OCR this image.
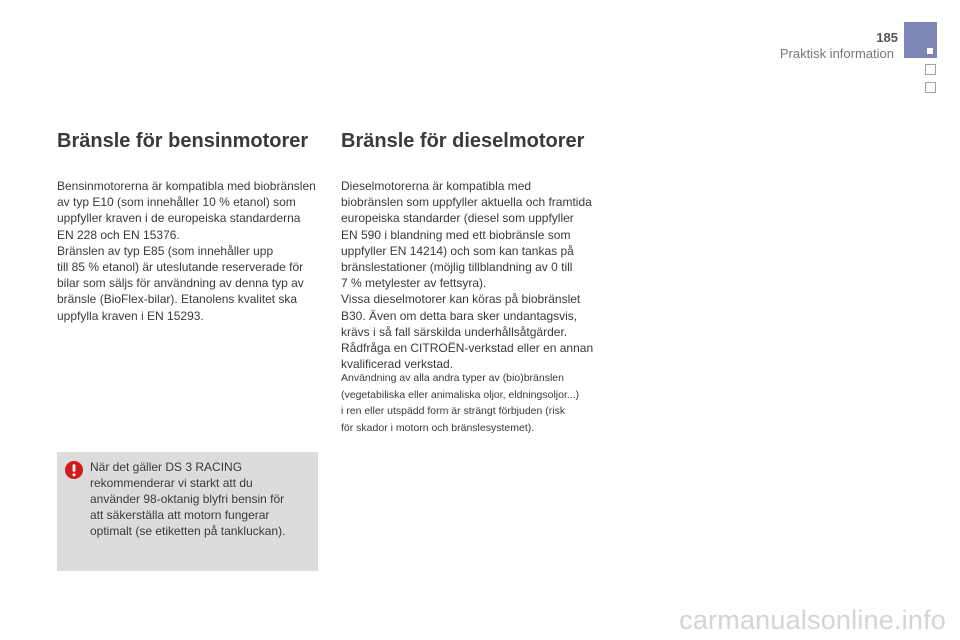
185
Praktisk information
Bränsle för bensinmotorer

Bensinmotorerna är kompatibla med biobränslen
av typ E10 (som innehåller 10 % etanol) som
uppfyller kraven i de europeiska standarderna
EN 228 och EN 15376.
Bränslen av typ E85 (som innehåller upp
till 85 % etanol) är uteslutande reserverade för
bilar som säljs för användning av denna typ av
bränsle (BioFlex-bilar). Etanolens kvalitet ska
uppfylla kraven i EN 15293.

När det gäller DS 3 RACING
rekommenderar vi starkt att du
använder 98-oktanig blyfri bensin för
att säkerställa att motorn fungerar
optimalt (se etiketten på tankluckan).

Bränsle för dieselmotorer

Dieselmotorerna är kompatibla med
biobränslen som uppfyller aktuella och framtida
europeiska standarder (diesel som uppfyller
EN 590 i blandning med ett biobränsle som
uppfyller EN 14214) och som kan tankas på
bränslestationer (möjlig tillblandning av 0 till
7 % metylester av fettsyra).
Vissa dieselmotorer kan köras på biobränslet
B30. Även om detta bara sker undantagsvis,
krävs i så fall särskilda underhållsåtgärder.
Rådfråga en CITROËN-verkstad eller en annan
kvalificerad verkstad.

Användning av alla andra typer av (bio)bränslen
(vegetabiliska eller animaliska oljor, eldningsoljor...)
i ren eller utspädd form är strängt förbjuden (risk
för skador i motorn och bränslesystemet).

carmanualsonline.info
